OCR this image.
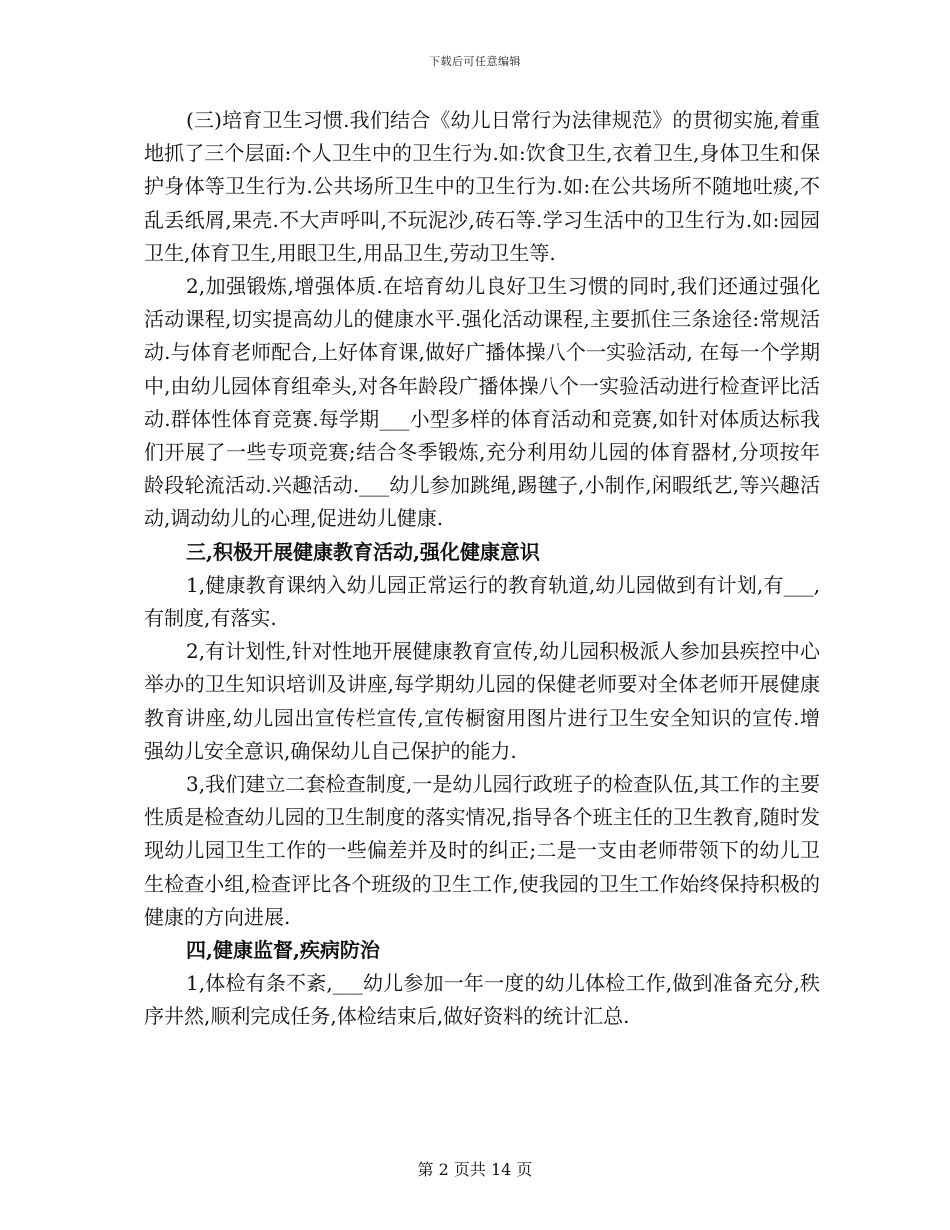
下载后可任意编辑

(三)培育卫生习惯.我们结合《幼儿日常行为法律规范》的贯彻实施,着重地抓了三个层面:个人卫生中的卫生行为.如:饮食卫生,衣着卫生,身体卫生和保护身体等卫生行为.公共场所卫生中的卫生行为.如:在公共场所不随地吐痰,不乱丢纸屑,果壳.不大声呼叫,不玩泥沙,砖石等.学习生活中的卫生行为.如:园园卫生,体育卫生,用眼卫生,用品卫生,劳动卫生等.

2,加强锻炼,增强体质.在培育幼儿良好卫生习惯的同时,我们还通过强化活动课程,切实提高幼儿的健康水平.强化活动课程,主要抓住三条途径:常规活动.与体育老师配合,上好体育课,做好广播体操八个一实验活动, 在每一个学期中,由幼儿园体育组牵头,对各年龄段广播体操八个一实验活动进行检查评比活动.群体性体育竞赛.每学期___小型多样的体育活动和竞赛,如针对体质达标我们开展了一些专项竞赛;结合冬季锻炼,充分利用幼儿园的体育器材,分项按年龄段轮流活动.兴趣活动.___幼儿参加跳绳,踢毽子,小制作,闲暇纸艺,等兴趣活动,调动幼儿的心理,促进幼儿健康.

三,积极开展健康教育活动,强化健康意识

1,健康教育课纳入幼儿园正常运行的教育轨道,幼儿园做到有计划,有___,有制度,有落实.

2,有计划性,针对性地开展健康教育宣传,幼儿园积极派人参加县疾控中心举办的卫生知识培训及讲座,每学期幼儿园的保健老师要对全体老师开展健康教育讲座,幼儿园出宣传栏宣传,宣传橱窗用图片进行卫生安全知识的宣传.增强幼儿安全意识,确保幼儿自己保护的能力.

3,我们建立二套检查制度,一是幼儿园行政班子的检查队伍,其工作的主要性质是检查幼儿园的卫生制度的落实情况,指导各个班主任的卫生教育,随时发现幼儿园卫生工作的一些偏差并及时的纠正;二是一支由老师带领下的幼儿卫生检查小组,检查评比各个班级的卫生工作,使我园的卫生工作始终保持积极的健康的方向进展.

四,健康监督,疾病防治

1,体检有条不紊,___幼儿参加一年一度的幼儿体检工作,做到准备充分,秩序井然,顺利完成任务,体检结束后,做好资料的统计汇总.

第 2 页共 14 页
